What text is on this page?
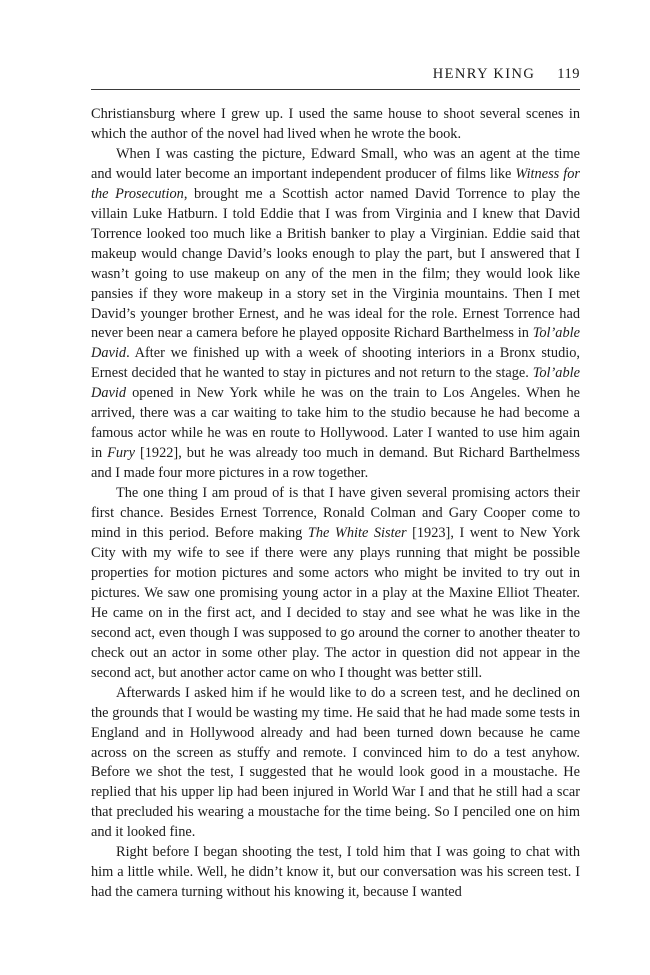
HENRY KING 119

Christiansburg where I grew up. I used the same house to shoot several scenes in which the author of the novel had lived when he wrote the book.

When I was casting the picture, Edward Small, who was an agent at the time and would later become an important independent producer of films like Witness for the Prosecution, brought me a Scottish actor named David Torrence to play the villain Luke Hatburn. I told Eddie that I was from Virginia and I knew that David Torrence looked too much like a British banker to play a Virginian. Eddie said that makeup would change David’s looks enough to play the part, but I answered that I wasn’t going to use makeup on any of the men in the film; they would look like pansies if they wore makeup in a story set in the Virginia mountains. Then I met David’s younger brother Ernest, and he was ideal for the role. Ernest Torrence had never been near a camera before he played opposite Richard Barthelmess in Tol’able David. After we finished up with a week of shooting interiors in a Bronx studio, Ernest decided that he wanted to stay in pictures and not return to the stage. Tol’able David opened in New York while he was on the train to Los Angeles. When he arrived, there was a car waiting to take him to the studio because he had become a famous actor while he was en route to Hollywood. Later I wanted to use him again in Fury [1922], but he was already too much in demand. But Richard Barthelmess and I made four more pictures in a row together.

The one thing I am proud of is that I have given several promising actors their first chance. Besides Ernest Torrence, Ronald Colman and Gary Cooper come to mind in this period. Before making The White Sister [1923], I went to New York City with my wife to see if there were any plays running that might be possible properties for motion pictures and some actors who might be invited to try out in pictures. We saw one promising young actor in a play at the Maxine Elliot Theater. He came on in the first act, and I decided to stay and see what he was like in the second act, even though I was supposed to go around the corner to another theater to check out an actor in some other play. The actor in question did not appear in the second act, but another actor came on who I thought was better still.

Afterwards I asked him if he would like to do a screen test, and he declined on the grounds that I would be wasting my time. He said that he had made some tests in England and in Hollywood already and had been turned down because he came across on the screen as stuffy and remote. I convinced him to do a test anyhow. Before we shot the test, I suggested that he would look good in a moustache. He replied that his upper lip had been injured in World War I and that he still had a scar that precluded his wearing a moustache for the time being. So I penciled one on him and it looked fine.

Right before I began shooting the test, I told him that I was going to chat with him a little while. Well, he didn’t know it, but our conversation was his screen test. I had the camera turning without his knowing it, because I wanted
